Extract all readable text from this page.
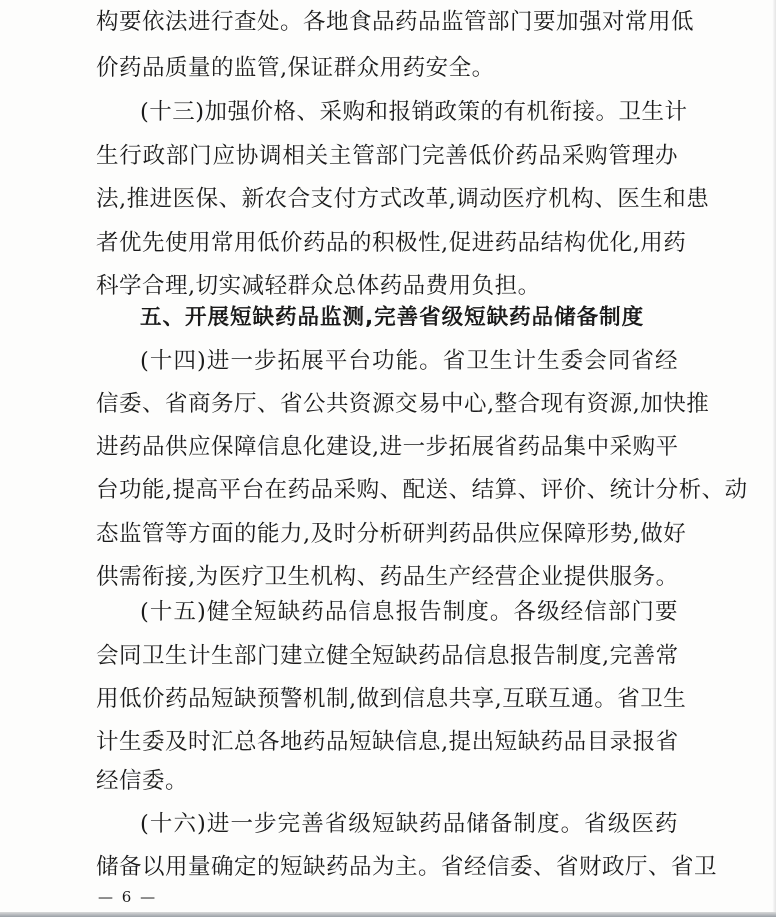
构要依法进行查处。各地食品药品监管部门要加强对常用低
价药品质量的监管,保证群众用药安全。
(十三)加强价格、采购和报销政策的有机衔接。卫生计
生行政部门应协调相关主管部门完善低价药品采购管理办
法,推进医保、新农合支付方式改革,调动医疗机构、医生和患
者优先使用常用低价药品的积极性,促进药品结构优化,用药
科学合理,切实减轻群众总体药品费用负担。
五、开展短缺药品监测,完善省级短缺药品储备制度
(十四)进一步拓展平台功能。省卫生计生委会同省经
信委、省商务厅、省公共资源交易中心,整合现有资源,加快推
进药品供应保障信息化建设,进一步拓展省药品集中采购平
台功能,提高平台在药品采购、配送、结算、评价、统计分析、动
态监管等方面的能力,及时分析研判药品供应保障形势,做好
供需衔接,为医疗卫生机构、药品生产经营企业提供服务。
(十五)健全短缺药品信息报告制度。各级经信部门要
会同卫生计生部门建立健全短缺药品信息报告制度,完善常
用低价药品短缺预警机制,做到信息共享,互联互通。省卫生
计生委及时汇总各地药品短缺信息,提出短缺药品目录报省
经信委。
(十六)进一步完善省级短缺药品储备制度。省级医药
储备以用量确定的短缺药品为主。省经信委、省财政厅、省卫
— 6 —
